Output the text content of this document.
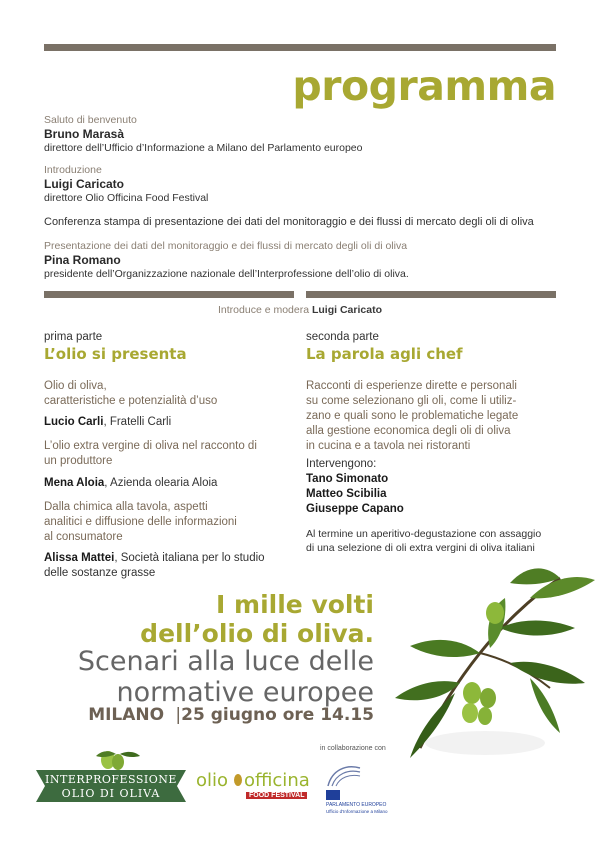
programma
Saluto di benvenuto
Bruno Marasà
direttore dell’Ufficio d’Informazione a Milano del Parlamento europeo
Introduzione
Luigi Caricato
direttore Olio Officina Food Festival
Conferenza stampa di presentazione dei dati del monitoraggio e dei flussi di mercato degli oli di oliva
Presentazione dei dati del monitoraggio e dei flussi di mercato degli oli di oliva
Pina Romano
presidente dell’Organizzazione nazionale dell’Interprofessione dell’olio di oliva.
Introduce e modera Luigi Caricato
prima parte
L’olio si presenta
Olio di oliva,
caratteristiche e potenzialità d’uso
Lucio Carli, Fratelli Carli
L’olio extra vergine di oliva nel racconto di
un produttore
Mena Aloia, Azienda olearia Aloia
Dalla chimica alla tavola, aspetti
analitici e diffusione delle informazioni
al consumatore
Alissa Mattei, Società italiana per lo studio
delle sostanze grasse
seconda parte
La parola agli chef
Racconti di esperienze dirette e personali
su come selezionano gli oli, come li utiliz-
zano e quali sono le problematiche legate
alla gestione economica degli oli di oliva
in cucina e a tavola nei ristoranti
Intervengono:
Tano Simonato
Matteo Scibilia
Giuseppe Capano
Al termine un aperitivo-degustazione con assaggio
di una selezione di oli extra vergini di oliva italiani
I mille volti
dell’olio di oliva.
Scenari alla luce delle
normative europee
MILANO  |25 giugno ore 14.15
in collaborazione con
INTERPROFESSIONE
OLIO DI OLIVA
olio officina
FOOD FESTIVAL
PARLAMENTO EUROPEO
Ufficio d’Informazione a Milano
